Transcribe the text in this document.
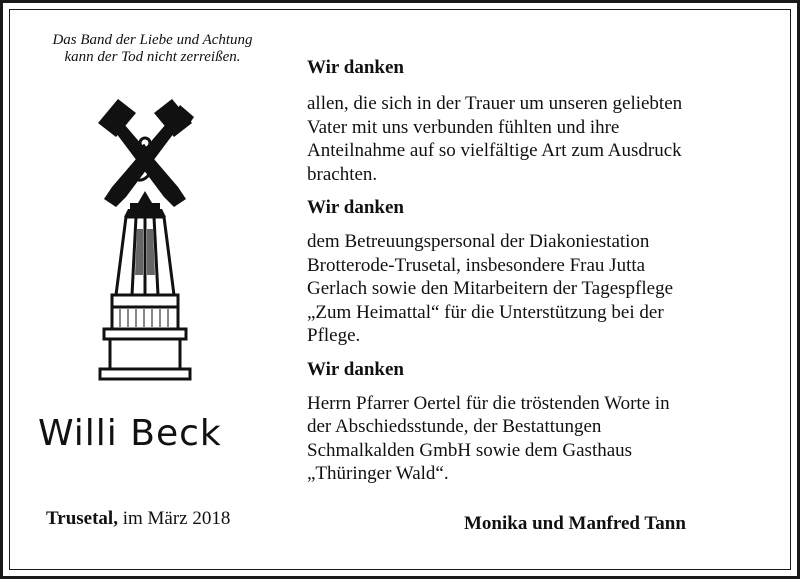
Das Band der Liebe und Achtung
kann der Tod nicht zerreißen.
Willi Beck
Trusetal, im März 2018

Wir danken

allen, die sich in der Trauer um unseren geliebten

Vater mit uns verbunden fühlten und ihre

Anteilnahme auf so vielfältige Art zum Ausdruck

brachten.

Wir danken

dem Betreuungspersonal der Diakoniestation

Brotterode-Trusetal, insbesondere Frau Jutta

Gerlach sowie den Mitarbeitern der Tagespflege

„Zum Heimattal“ für die Unterstützung bei der

Pflege.

Wir danken

Herrn Pfarrer Oertel für die tröstenden Worte in

der Abschiedsstunde, der Bestattungen

Schmalkalden GmbH sowie dem Gasthaus

„Thüringer Wald“.

Monika und Manfred Tann
